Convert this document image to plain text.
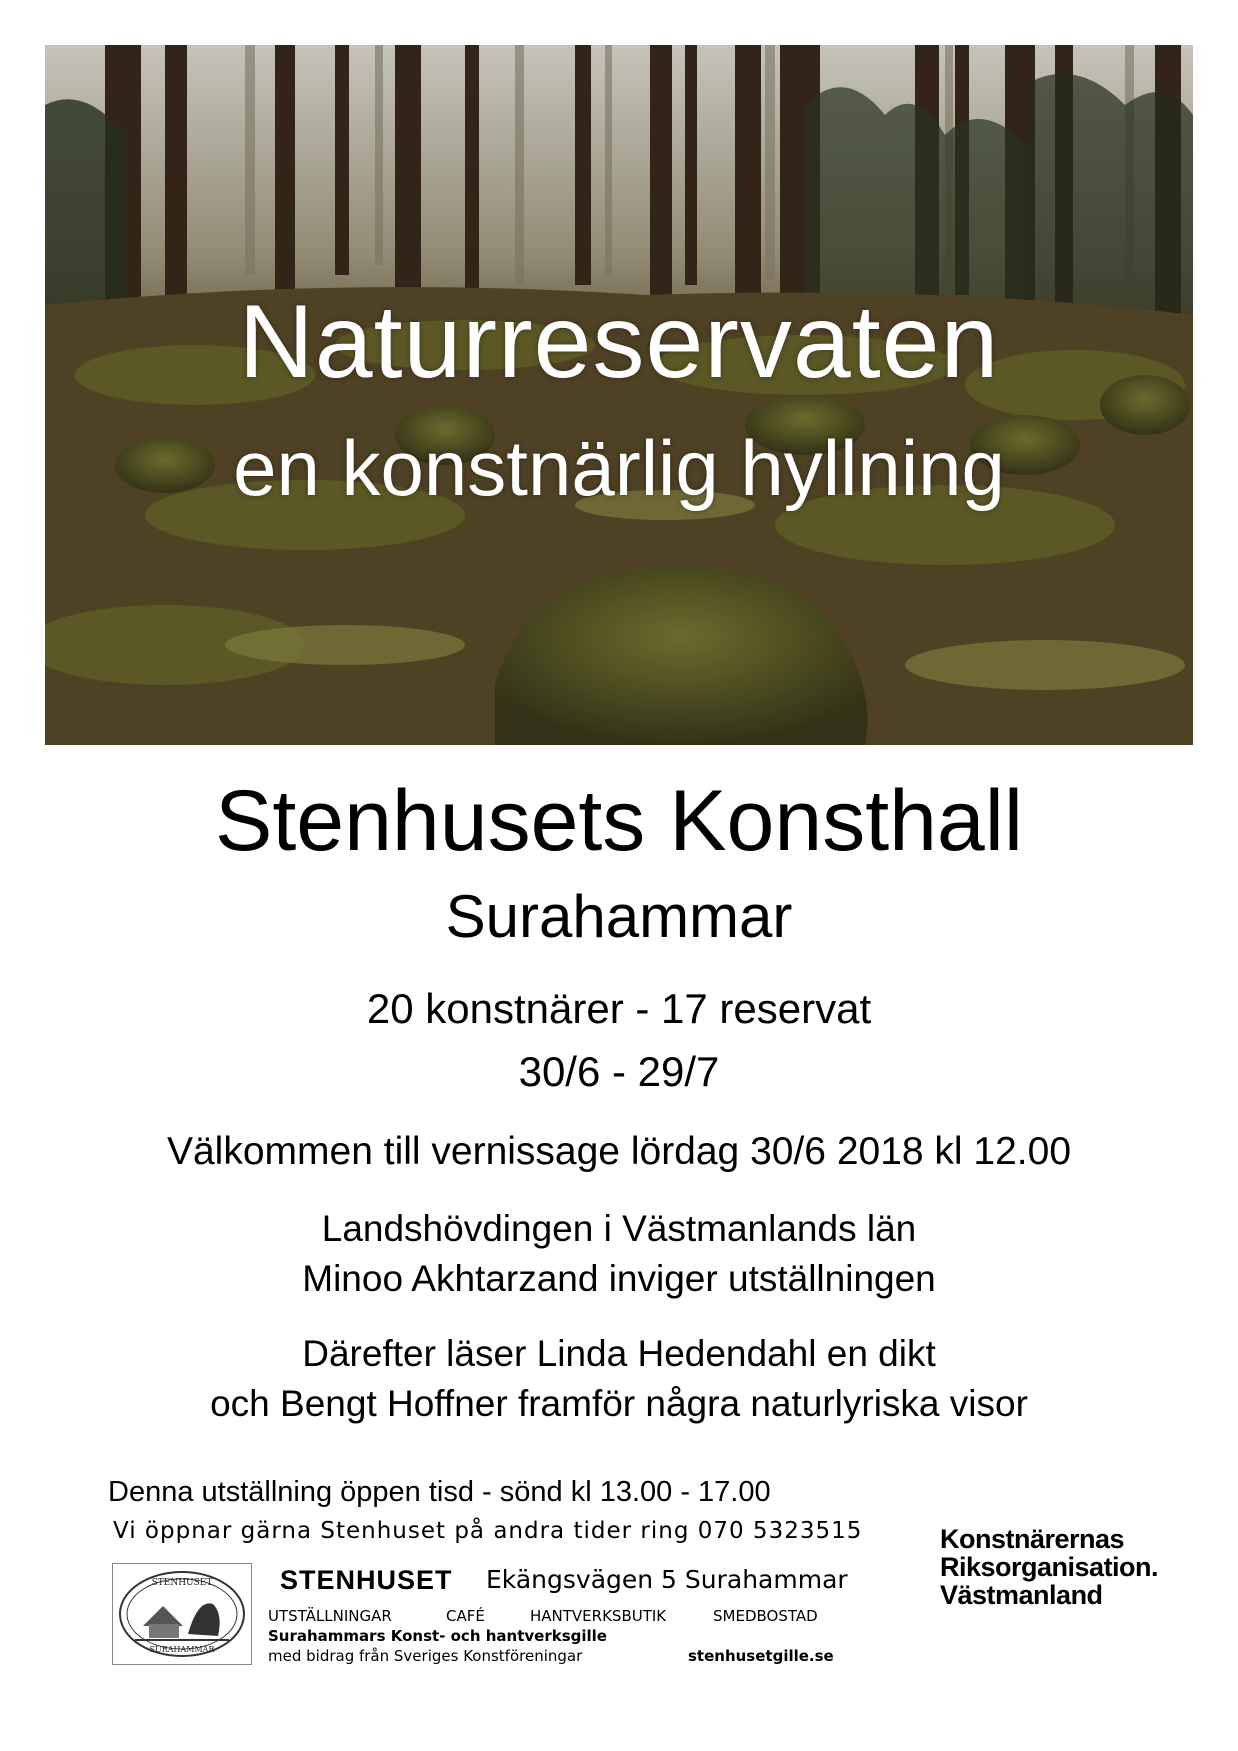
Naturreservaten
en konstnärlig hyllning
Stenhusets Konsthall
Surahammar
20 konstnärer - 17 reservat
30/6 - 29/7
Välkommen till vernissage lördag 30/6 2018 kl 12.00
Landshövdingen i Västmanlands län
Minoo Akhtarzand inviger utställningen
Därefter läser Linda Hedendahl en dikt
och Bengt Hoffner framför några naturlyriska visor
Denna utställning öppen tisd - sönd kl 13.00 - 17.00
Vi öppnar gärna Stenhuset på andra tider ring 070 5323515
STENHUSET
SURAHAMMAR
STENHUSET Ekängsvägen 5 Surahammar
UTSTÄLLNINGAR	CAFÉ	HANTVERKSBUTIK	SMEDBOSTAD
Surahammars Konst- och hantverksgille
med bidrag från Sveriges Konstföreningar	stenhusetgille.se
Konstnärernas
Riksorganisation.
Västmanland
